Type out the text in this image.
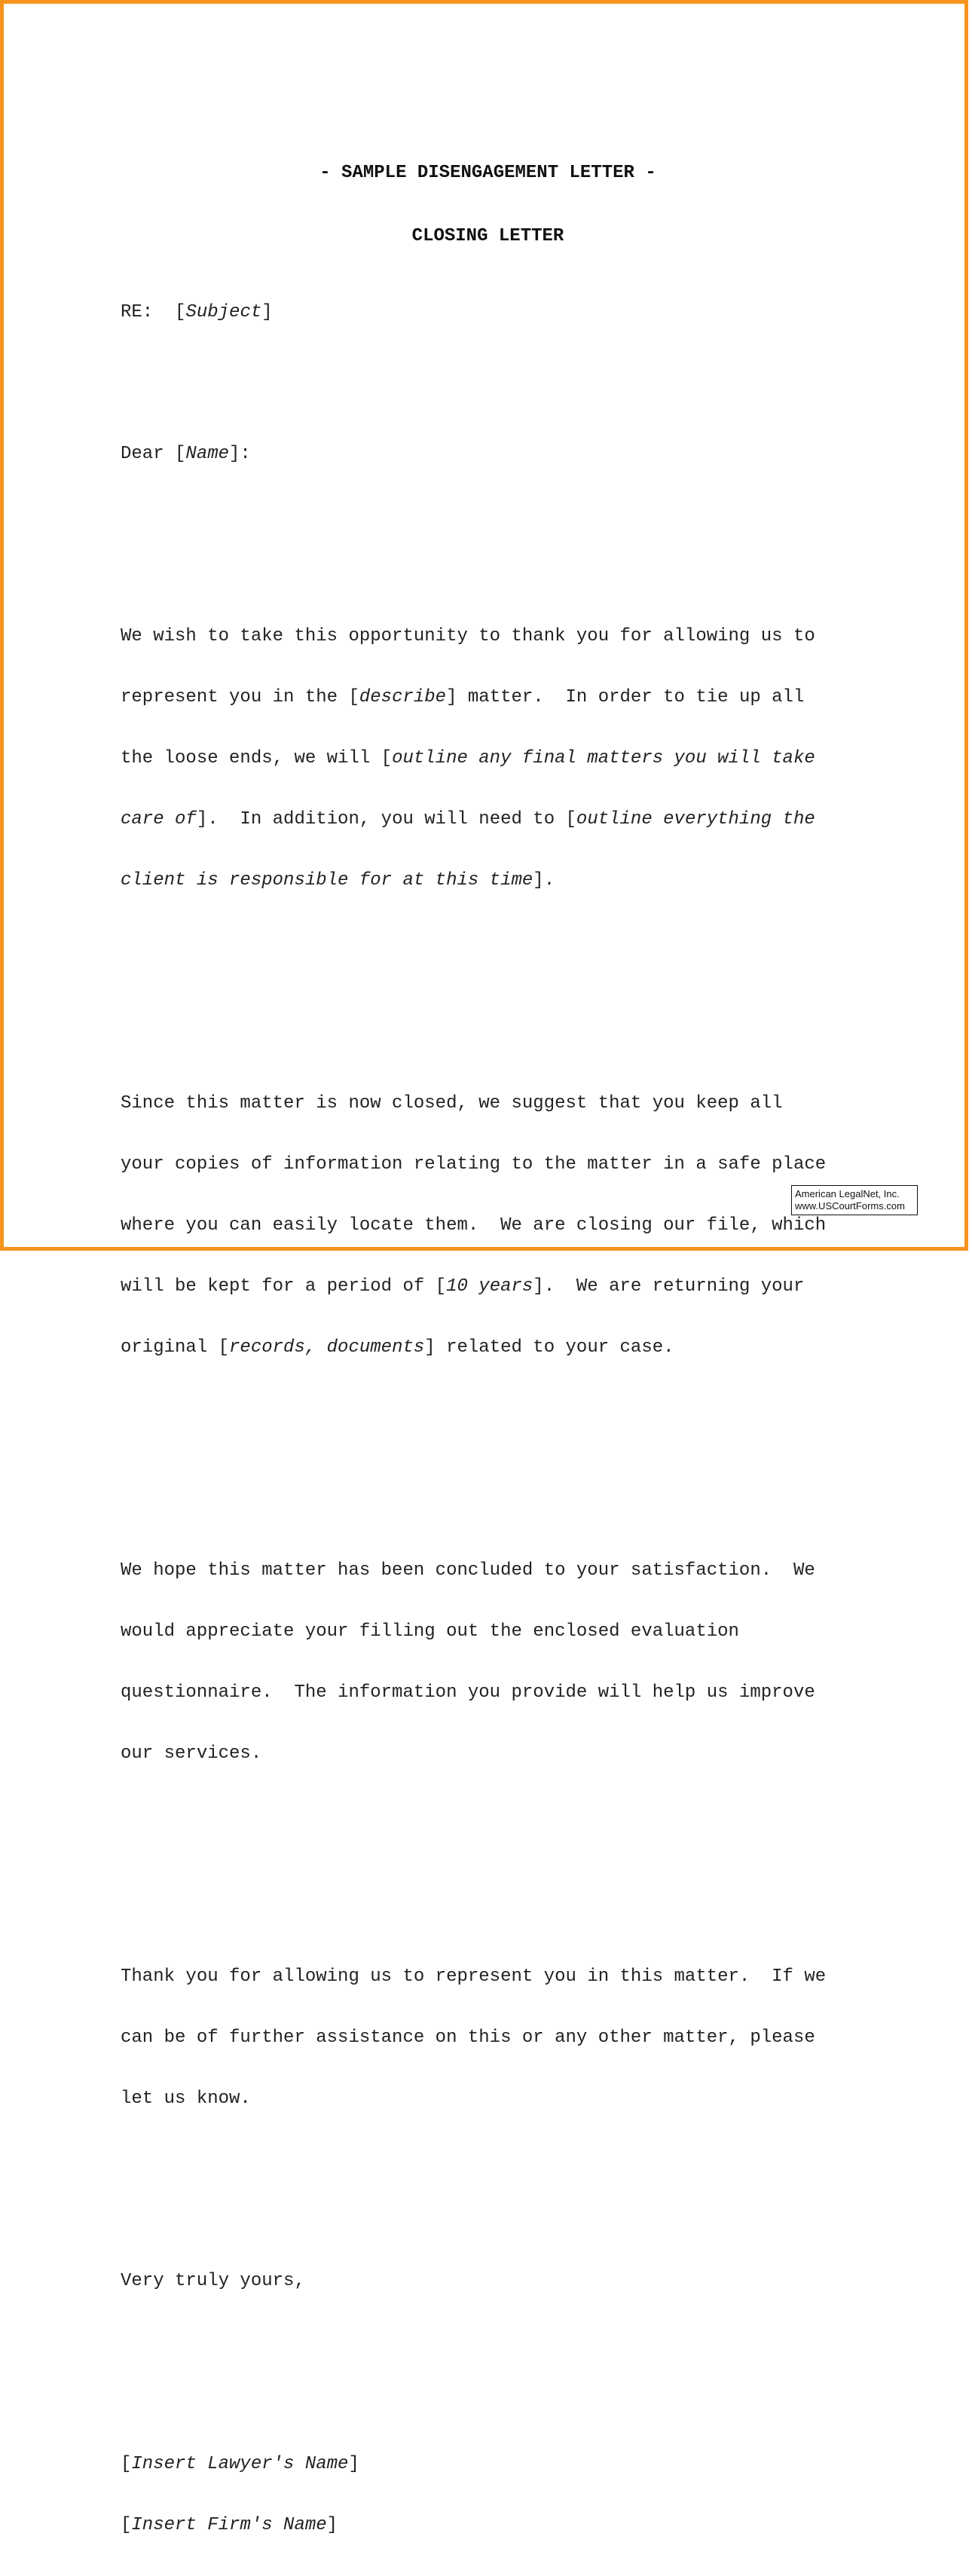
- SAMPLE DISENGAGEMENT LETTER -

CLOSING LETTER

RE:  [Subject]

Dear [Name]:

We wish to take this opportunity to thank you for allowing us to

represent you in the [describe] matter.  In order to tie up all

the loose ends, we will [outline any final matters you will take

care of].  In addition, you will need to [outline everything the

client is responsible for at this time].

Since this matter is now closed, we suggest that you keep all

your copies of information relating to the matter in a safe place

where you can easily locate them.  We are closing our file, which

will be kept for a period of [10 years].  We are returning your

original [records, documents] related to your case.

We hope this matter has been concluded to your satisfaction.  We

would appreciate your filling out the enclosed evaluation

questionnaire.  The information you provide will help us improve

our services.

Thank you for allowing us to represent you in this matter.  If we

can be of further assistance on this or any other matter, please

let us know.

Very truly yours,

[Insert Lawyer's Name]

[Insert Firm's Name]

American LegalNet, Inc.
www.USCourtForms.com
